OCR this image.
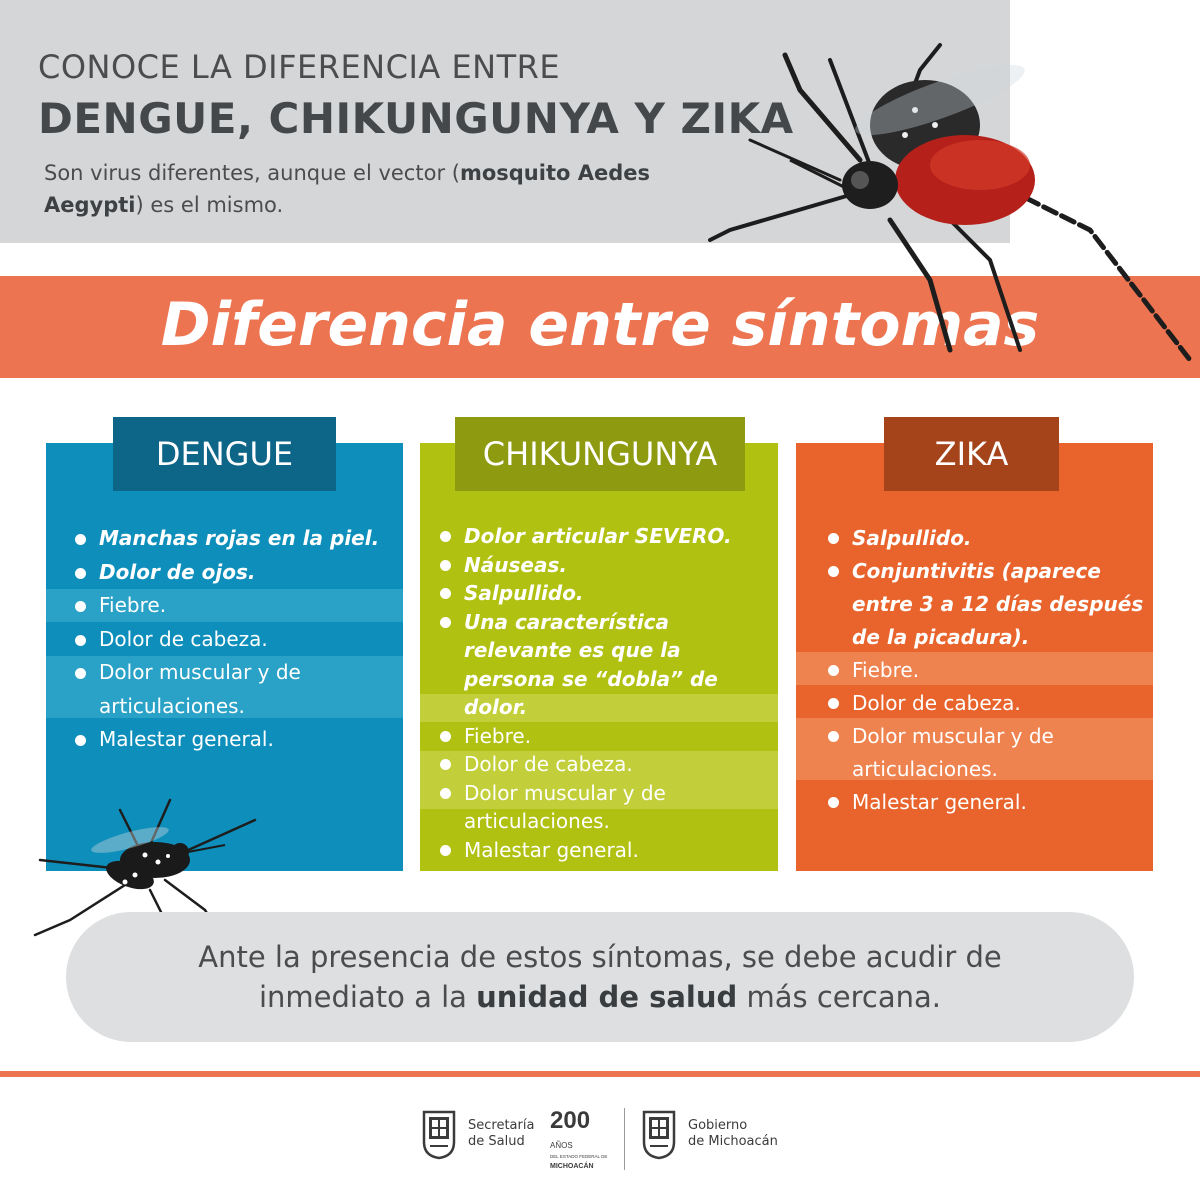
CONOCE LA DIFERENCIA ENTRE
DENGUE, CHIKUNGUNYA Y ZIKA
Son virus diferentes, aunque el vector (mosquito Aedes Aegypti) es el mismo.
Diferencia entre síntomas
DENGUE	CHIKUNGUNYA	ZIKA
Manchas rojas en la piel.
Dolor de ojos.
Fiebre.
Dolor de cabeza.
Dolor muscular y de articulaciones.
Malestar general.
Dolor articular SEVERO.
Náuseas.
Salpullido.
Una característica relevante es que la persona se “dobla” de dolor.
Fiebre.
Dolor de cabeza.
Dolor muscular y de articulaciones.
Malestar general.
Salpullido.
Conjuntivitis (aparece entre 3 a 12 días después de la picadura).
Fiebre.
Dolor de cabeza.
Dolor muscular y de articulaciones.
Malestar general.
Ante la presencia de estos síntomas, se debe acudir de
inmediato a la unidad de salud más cercana.
Secretaría
de Salud
200
AÑOS
DEL ESTADO FEDERAL DE
MICHOACÁN
Gobierno
de Michoacán
